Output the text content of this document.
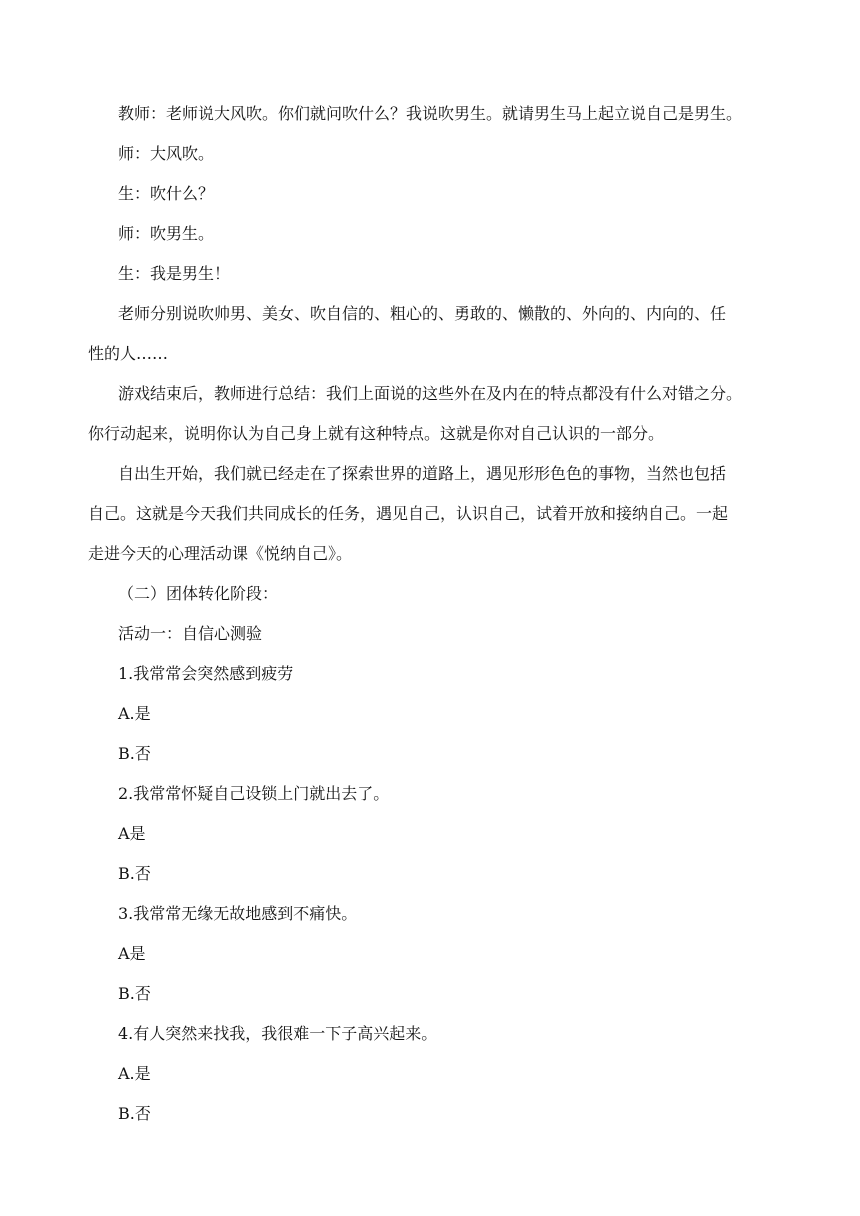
教师：老师说大风吹。你们就问吹什么？我说吹男生。就请男生马上起立说自己是男生。
师：大风吹。
生：吹什么？
师：吹男生。
生：我是男生！
老师分别说吹帅男、美女、吹自信的、粗心的、勇敢的、懒散的、外向的、内向的、任
性的人……
游戏结束后，教师进行总结：我们上面说的这些外在及内在的特点都没有什么对错之分。
你行动起来，说明你认为自己身上就有这种特点。这就是你对自己认识的一部分。
自出生开始，我们就已经走在了探索世界的道路上，遇见形形色色的事物，当然也包括
自己。这就是今天我们共同成长的任务，遇见自己，认识自己，试着开放和接纳自己。一起
走进今天的心理活动课《悦纳自己》。
（二）团体转化阶段：
活动一：自信心测验
1.我常常会突然感到疲劳
A.是
B.否
2.我常常怀疑自己设锁上门就出去了。
A是
B.否
3.我常常无缘无故地感到不痛快。
A是
B.否
4.有人突然来找我，我很难一下子高兴起来。
A.是
B.否
